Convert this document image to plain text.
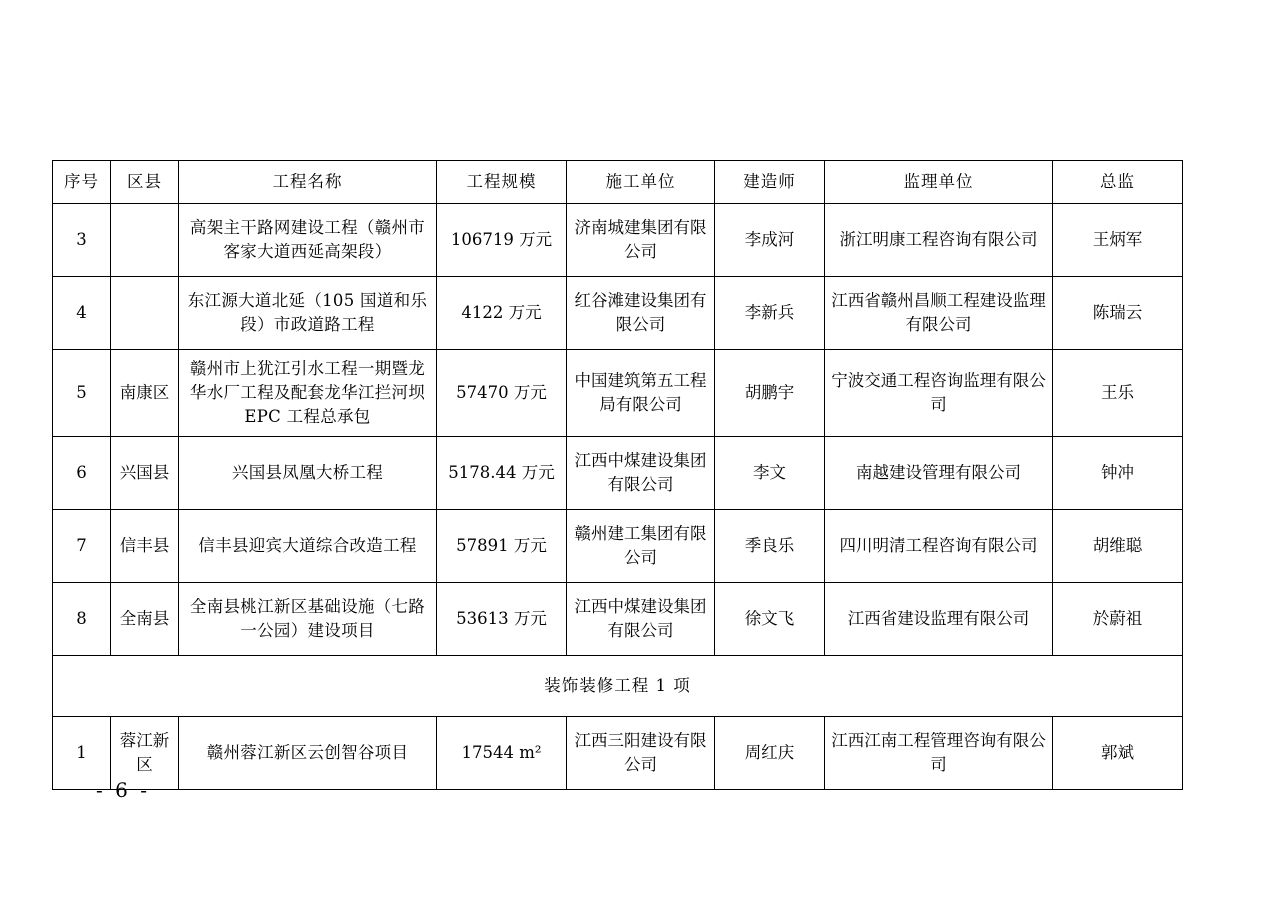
序号	区县	工程名称	工程规模	施工单位	建造师	监理单位	总监
3		高架主干路网建设工程（赣州市客家大道西延高架段）	106719 万元	济南城建集团有限公司	李成河	浙江明康工程咨询有限公司	王炳军
4		东江源大道北延（105 国道和乐段）市政道路工程	4122 万元	红谷滩建设集团有限公司	李新兵	江西省赣州昌顺工程建设监理有限公司	陈瑞云
5	南康区	赣州市上犹江引水工程一期暨龙华水厂工程及配套龙华江拦河坝 EPC 工程总承包	57470 万元	中国建筑第五工程局有限公司	胡鹏宇	宁波交通工程咨询监理有限公司	王乐
6	兴国县	兴国县凤凰大桥工程	5178.44 万元	江西中煤建设集团有限公司	李文	南越建设管理有限公司	钟冲
7	信丰县	信丰县迎宾大道综合改造工程	57891 万元	赣州建工集团有限公司	季良乐	四川明清工程咨询有限公司	胡维聪
8	全南县	全南县桃江新区基础设施（七路一公园）建设项目	53613 万元	江西中煤建设集团有限公司	徐文飞	江西省建设监理有限公司	於蔚祖
装饰装修工程 1 项							
1	蓉江新区	赣州蓉江新区云创智谷项目	17544 m²	江西三阳建设有限公司	周红庆	江西江南工程管理咨询有限公司	郭斌
- 6 -
